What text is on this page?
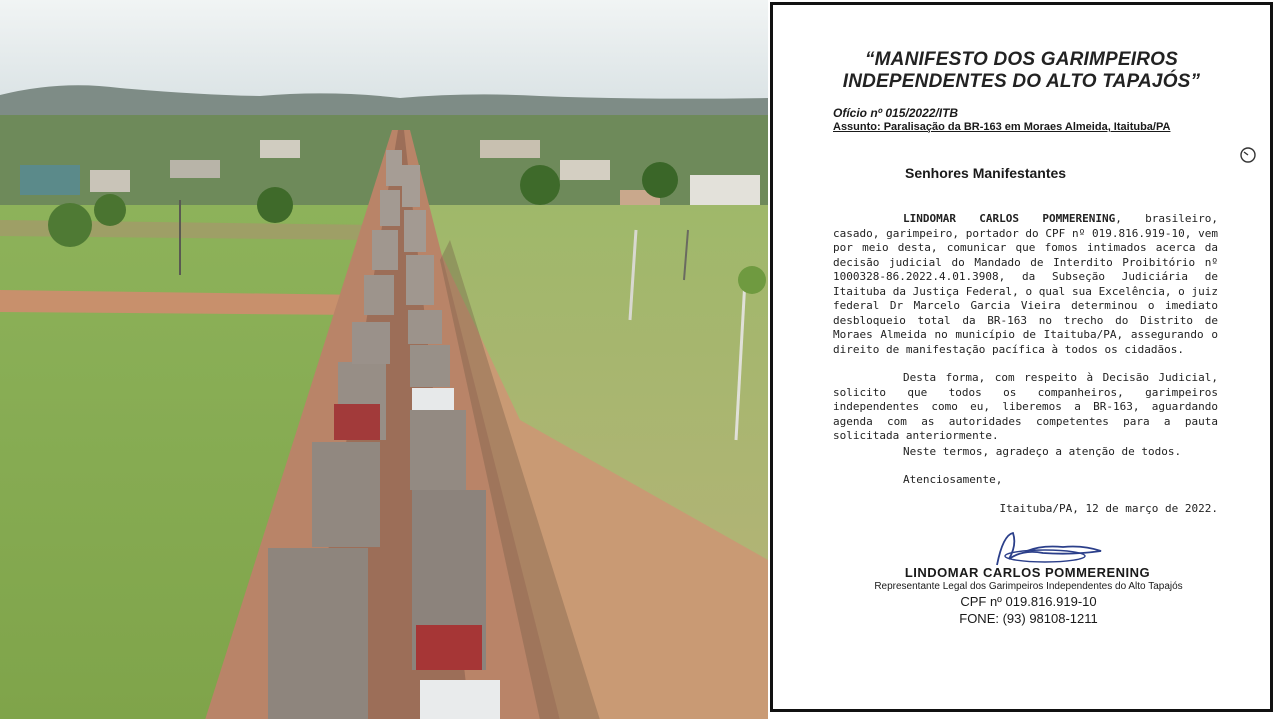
“MANIFESTO DOS GARIMPEIROS
INDEPENDENTES DO ALTO TAPAJÓS”
Ofício nº 015/2022/ITB
Assunto: Paralisação da BR-163 em Moraes Almeida, Itaituba/PA
Senhores Manifestantes
LINDOMAR CARLOS POMMERENING, brasileiro, casado, garimpeiro, portador do CPF nº 019.816.919-10, vem por meio desta, comunicar que fomos intimados acerca da decisão judicial do Mandado de Interdito Proibitório nº 1000328-86.2022.4.01.3908, da Subseção Judiciária de Itaituba da Justiça Federal, o qual sua Excelência, o juiz federal Dr Marcelo Garcia Vieira determinou o imediato desbloqueio total da BR-163 no trecho do Distrito de Moraes Almeida no município de Itaituba/PA, assegurando o direito de manifestação pacífica à todos os cidadãos.
Desta forma, com respeito à Decisão Judicial, solicito que todos os companheiros, garimpeiros independentes como eu, liberemos a BR-163, aguardando agenda com as autoridades competentes para a pauta solicitada anteriormente.
Neste termos, agradeço a atenção de todos.
Atenciosamente,
Itaituba/PA, 12 de março de 2022.
LINDOMAR CARLOS POMMERENING
Representante Legal dos Garimpeiros Independentes do Alto Tapajós
CPF nº 019.816.919-10
FONE: (93) 98108-1211
